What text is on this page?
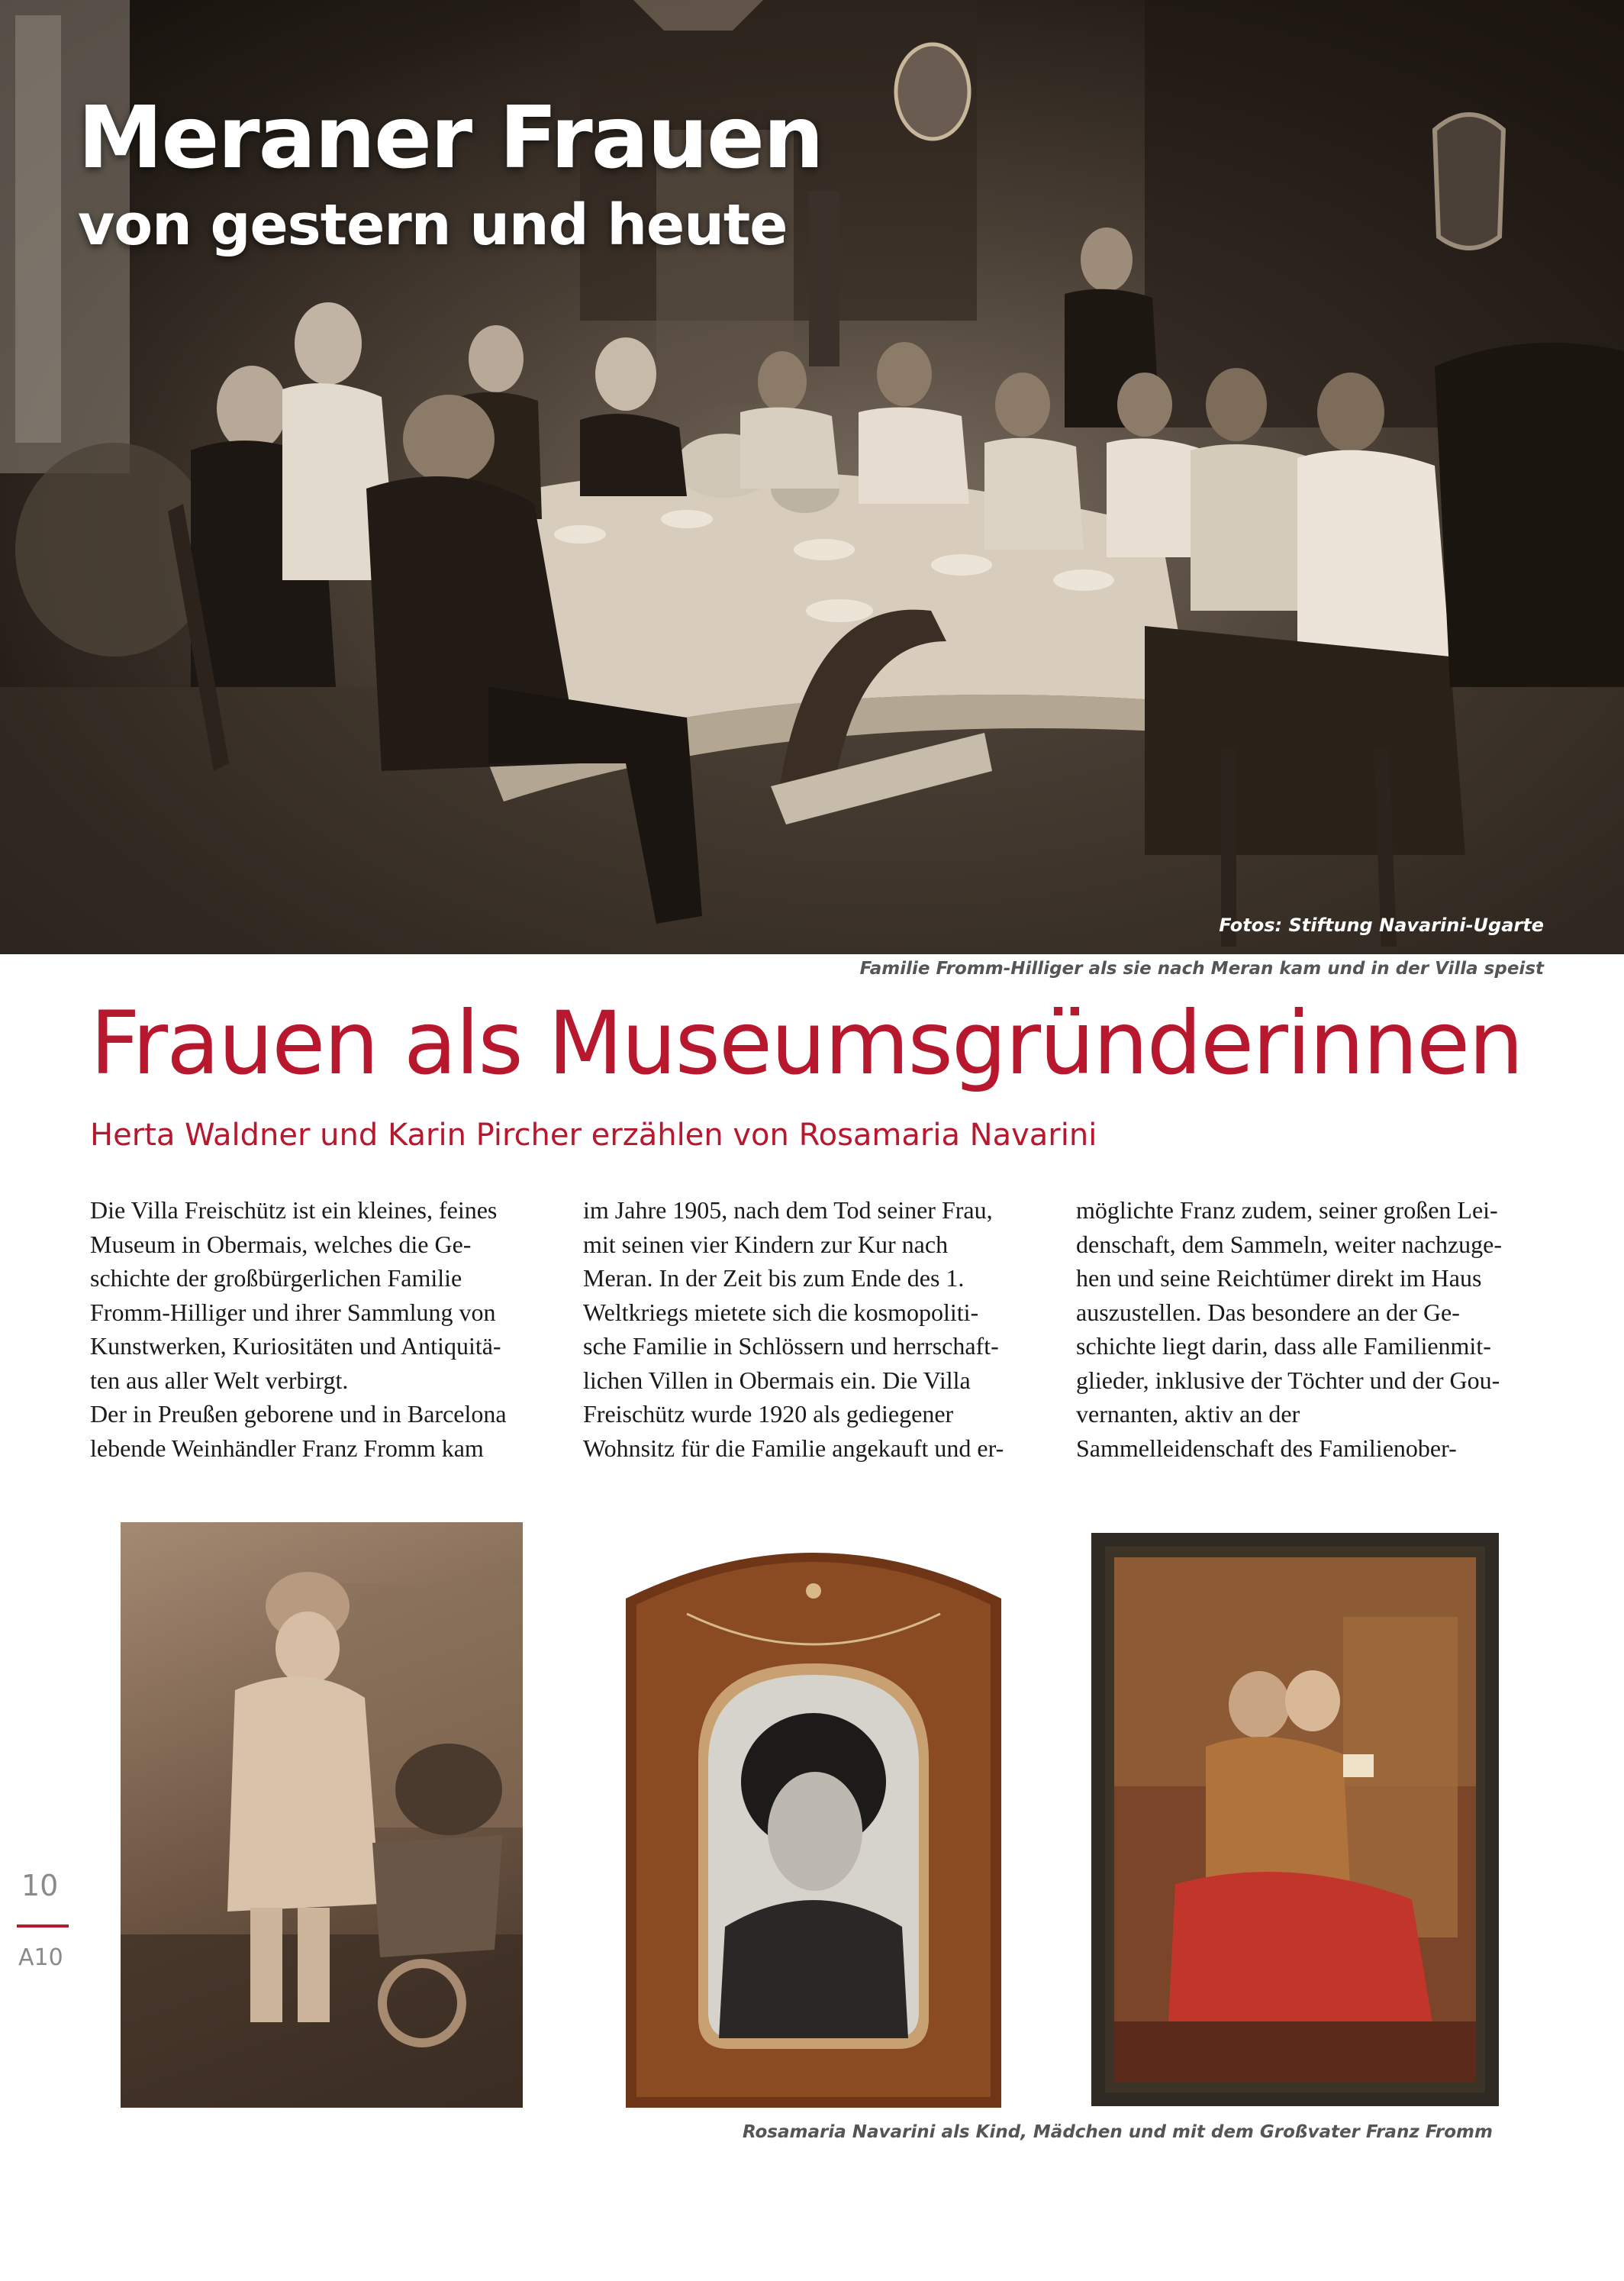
Meraner Frauen
von gestern und heute
Fotos: Stiftung Navarini-Ugarte
Familie Fromm-Hilliger als sie nach Meran kam und in der Villa speist
Frauen als Museumsgründerinnen
Herta Waldner und Karin Pircher erzählen von Rosamaria Navarini

Die Villa Freischütz ist ein kleines, feines

Museum in Obermais, welches die Ge-

schichte der großbürgerlichen Familie

Fromm-Hilliger und ihrer Sammlung von

Kunstwerken, Kuriositäten und Antiquitä-

ten aus aller Welt verbirgt.

Der in Preußen geborene und in Barcelona

lebende Weinhändler Franz Fromm kam

im Jahre 1905, nach dem Tod seiner Frau,

mit seinen vier Kindern zur Kur nach

Meran. In der Zeit bis zum Ende des 1.

Weltkriegs mietete sich die kosmopoliti-

sche Familie in Schlössern und herrschaft-

lichen Villen in Obermais ein. Die Villa

Freischütz wurde 1920 als gediegener

Wohnsitz für die Familie angekauft und er-

möglichte Franz zudem, seiner großen Lei-

denschaft, dem Sammeln, weiter nachzuge-

hen und seine Reichtümer direkt im Haus

auszustellen. Das besondere an der Ge-

schichte liegt darin, dass alle Familienmit-

glieder, inklusive der Töchter und der Gou-

vernanten, aktiv an der

Sammelleidenschaft des Familienober-

Rosamaria Navarini als Kind, Mädchen und mit dem Großvater Franz Fromm
10
A10
